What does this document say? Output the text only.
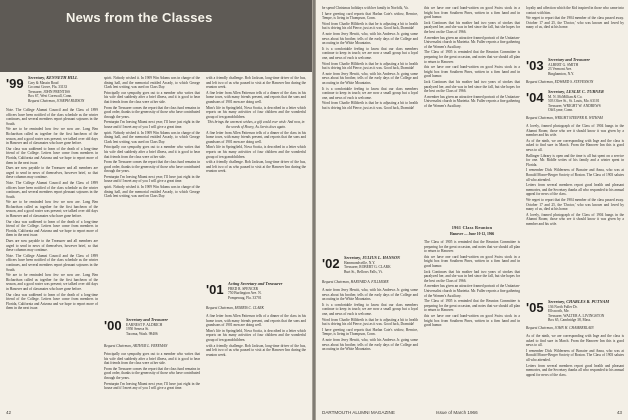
News from the Classes
'99 Secretary, KENNETH HILL
Cary & Massin Road
Coconut Grove, Fla. 33133
Treasurer, JOHN PRENTISS
Box 67, West Cornwall, Conn.
Bequest Chairman, JOSEPH BURSON

Note. The College Alumni Council and the Class of 1899 officers have been notified of the class schedule as the winter continues, and several members report pleasant sojourns in the South.

We are to be reminded how few we now are. Long Ben Richardson called us together for the first luncheon of the season, and a good roster was present; we talked over old days in Hanover and of classmates who have gone before.

Our class was saddened to learn of the death of a long-time friend of the College. Letters have come from members in Florida, California and Arizona and we hope to report more of them in the next issue.

Dues are now payable to the Treasurer and all members are urged to send in news of themselves, however brief, so that these columns may continue.

Note. The College Alumni Council and the Class of 1899 officers have been notified of the class schedule as the winter continues, and several members report pleasant sojourns in the South.

We are to be reminded how few we now are. Long Ben Richardson called us together for the first luncheon of the season, and a good roster was present; we talked over old days in Hanover and of classmates who have gone before.

Our class was saddened to learn of the death of a long-time friend of the College. Letters have come from members in Florida, California and Arizona and we hope to report more of them in the next issue.

Dues are now payable to the Treasurer and all members are urged to send in news of themselves, however brief, so that these columns may continue.

Note. The College Alumni Council and the Class of 1899 officers have been notified of the class schedule as the winter continues, and several members report pleasant sojourns in the South.

We are to be reminded how few we now are. Long Ben Richardson called us together for the first luncheon of the season, and a good roster was present; we talked over old days in Hanover and of classmates who have gone before.

Our class was saddened to learn of the death of a long-time friend of the College. Letters have come from members in Florida, California and Arizona and we hope to report more of them in the next issue.

spirit. Nobody wished it. In 1909 Win Adams was in charge of the dining hall, and the memorial entitled Arcady, to which George Clark lent writing, was used on Class Day.

Principally our sympathy goes out to a member who writes that his wife died suddenly after a brief illness, and it is good to hear that friends from the class were at her side.

From the Treasurer comes the report that the class fund remains in good order, thanks to the generosity of those who have contributed through the years.

Prenturpin I'm leaving Miami next year; I'll have just eight in the house and if I meet any of you I will give a great time.

spirit. Nobody wished it. In 1909 Win Adams was in charge of the dining hall, and the memorial entitled Arcady, to which George Clark lent writing, was used on Class Day.

Principally our sympathy goes out to a member who writes that his wife died suddenly after a brief illness, and it is good to hear that friends from the class were at her side.

From the Treasurer comes the report that the class fund remains in good order, thanks to the generosity of those who have contributed through the years.

Prenturpin I'm leaving Miami next year; I'll have just eight in the house and if I meet any of you I will give a great time.

spirit. Nobody wished it. In 1909 Win Adams was in charge of the dining hall, and the memorial entitled Arcady, to which George Clark lent writing, was used on Class Day.

'00 Secretary and Treasurer
EARNEST P. ALDRICH
1950 Seneca St.
Tacoma, Wash. 98406
Bequest Chairman, ARTHUR L. FREEMAN

Principally our sympathy goes out to a member who writes that his wife died suddenly after a brief illness, and it is good to hear that friends from the class were at her side.

From the Treasurer comes the report that the class fund remains in good order, thanks to the generosity of those who have contributed through the years.

Prenturpin I'm leaving Miami next year; I'll have just eight in the house and if I meet any of you I will give a great time.

with a friendly challenge. Bob Jackson, long-time driver of the bus, and left two of us who paused to visit at the Hanover Inn during the reunion week.

A fine letter from Allen Patterson tells of a dinner of the class in his home town, with many friends present, and reports that the sons and grandsons of 1901 men are doing well.

Mim's life in Springfield, Nova Scotia, is described in a letter which reports on his many activities of four children and the wonderful group of ten grandchildren.

This brings the warmest wishes, a gift could ever wish: And now, in the words of Hovey, As Jarvis does again.

A fine letter from Allen Patterson tells of a dinner of the class in his home town, with many friends present, and reports that the sons and grandsons of 1901 men are doing well.

Mim's life in Springfield, Nova Scotia, is described in a letter which reports on his many activities of four children and the wonderful group of ten grandchildren.

with a friendly challenge. Bob Jackson, long-time driver of the bus, and left two of us who paused to visit at the Hanover Inn during the reunion week.

'01 Acting Secretary and Treasurer
FRED R. SPENCER
750 Burlington Ave. N.
Pomperaug, Fla. 33701
Bequest Chairman, MORRIS C. CLARK

A fine letter from Allen Patterson tells of a dinner of the class in his home town, with many friends present, and reports that the sons and grandsons of 1901 men are doing well.

Mim's life in Springfield, Nova Scotia, is described in a letter which reports on his many activities of four children and the wonderful group of ten grandchildren.

with a friendly challenge. Bob Jackson, long-time driver of the bus, and left two of us who paused to visit at the Hanover Inn during the reunion week.

42

be spend Christmas holidays with her family in Norfolk, Va.

I have greeting card reports that Harlan Cate's widow, Bernice, Tempe, is living in Thompson, Conn.

Word from Charlie Hilldreth is that he is adjusting a bit to health but is driving his old Pierce, just as it was. Good luck, Dramida!

A note from Jerry Hewitt, who, with his Andrews Jr. going some news about his brother, tells of the early days of the College and an outing in the White Mountains.

It is a comfortable feeling to know that our class members continue to keep in touch; we are now a small group but a loyal one, and news of each is welcome.

Word from Charlie Hilldreth is that he is adjusting a bit to health but is driving his old Pierce, just as it was. Good luck, Dramida!

A note from Jerry Hewitt, who, with his Andrews Jr. going some news about his brother, tells of the early days of the College and an outing in the White Mountains.

It is a comfortable feeling to know that our class members continue to keep in touch; we are now a small group but a loyal one, and news of each is welcome.

Word from Charlie Hilldreth is that he is adjusting a bit to health but is driving his old Pierce, just as it was. Good luck, Dramida!

'02 Secretary, JULIUS L. HANSON
Hammondsville, N.Y.
Treasurer, ROBERT G. CLARK
Burt St., Bellows Falls, Vt.
Bequest Chairman, HARVARD A. FILLMORE

A note from Jerry Hewitt, who, with his Andrews Jr. going some news about his brother, tells of the early days of the College and an outing in the White Mountains.

It is a comfortable feeling to know that our class members continue to keep in touch; we are now a small group but a loyal one, and news of each is welcome.

Word from Charlie Hilldreth is that he is adjusting a bit to health but is driving his old Pierce, just as it was. Good luck, Dramida!

I have greeting card reports that Harlan Cate's widow, Bernice, Tempe, is living in Thompson, Conn.

A note from Jerry Hewitt, who, with his Andrews Jr. going some news about his brother, tells of the early days of the College and an outing in the White Mountains.

this we have one card hand-written on good Swiss stock in a bright box from Southern Pines, written in a firm hand and in good humor.

Jack Continues that his mother had two years of strokes that paralyzed her, and she was in bed since the fall, but she hopes for the best on the Class of 1966.

A member has given an attractive framed portrait of the Unitarian-Universalist church in Marietta. Mr. Fuller reports a fine gathering of the Women's Auxiliary.

The Class of 1905 is reminded that the Reunion Committee is preparing for the great occasion, and notes that we should all plan to return to Hanover.

this we have one card hand-written on good Swiss stock in a bright box from Southern Pines, written in a firm hand and in good humor.

Jack Continues that his mother had two years of strokes that paralyzed her, and she was in bed since the fall, but she hopes for the best on the Class of 1966.

A member has given an attractive framed portrait of the Unitarian-Universalist church in Marietta. Mr. Fuller reports a fine gathering of the Women's Auxiliary.

1961 Class Reunion
Hanover — June 10-12, 1966

The Class of 1905 is reminded that the Reunion Committee is preparing for the great occasion, and notes that we should all plan to return to Hanover.

this we have one card hand-written on good Swiss stock in a bright box from Southern Pines, written in a firm hand and in good humor.

Jack Continues that his mother had two years of strokes that paralyzed her, and she was in bed since the fall, but she hopes for the best on the Class of 1966.

A member has given an attractive framed portrait of the Unitarian-Universalist church in Marietta. Mr. Fuller reports a fine gathering of the Women's Auxiliary.

The Class of 1905 is reminded that the Reunion Committee is preparing for the great occasion, and notes that we should all plan to return to Hanover.

this we have one card hand-written on good Swiss stock in a bright box from Southern Pines, written in a firm hand and in good humor.

loyalty and affection which the Kid inspired in those who came into contact with him.

We regret to report that the 1904 member of the class passed away. October 17 and 25, the 'Doctor,' who was known and loved by many of us, died at his home.

'03 Secretary and Treasurer
ALBERT G. SMITH
23 Vermont Ave.
Binghamton, N.Y.
Bequest Chairman, EDWARD S. STEVENSON
'04 Secretary, LESLIE C. TURNER
M. N. McMillian & Co.
503 Olive St., St. Louis, Mo. 63101
Treasurer, WRIGHT W. ANDREWS
Old Lyme, Conn.
Bequest Chairman, WRIGHT STEEPER R. WITHAM

A lovely, framed photograph of the Class of 1904 hangs in the Alumni Room; those who see it should know it was given by a member and his wife.

As of the ninth, we are corresponding with Inge and the class is asked to find sure in March. From the Hanover Inn this is good news to all.

Ballinger Library is open and the time is all but spent on a service for one. Mr. Riddle writes of his family and a winter spent in Florida.

I remember Dick Wilderness of Bonaire and Anna, who was at Ronald Moore-Berger Society of Boston. The Class of 1903 salutes all who attended.

Letters from several members report good health and pleasant memories, and the Secretary thanks all who responded to his annual appeal for news of the class.

We regret to report that the 1904 member of the class passed away. October 17 and 25, the 'Doctor,' who was known and loved by many of us, died at his home.

A lovely, framed photograph of the Class of 1904 hangs in the Alumni Room; those who see it should know it was given by a member and his wife.

'05 Secretary, CHARLES R. PUTNAM
136 North Fuller Dr.
Ellsworth, Me.
Treasurer, WALTER A. LIVINGSTON
Box 65, Cambridge 38, Mass.
Bequest Chairman, JOHN H. CHAMBERLAIN

As of the ninth, we are corresponding with Inge and the class is asked to find sure in March. From the Hanover Inn this is good news to all.

I remember Dick Wilderness of Bonaire and Anna, who was at Ronald Moore-Berger Society of Boston. The Class of 1903 salutes all who attended.

Letters from several members report good health and pleasant memories, and the Secretary thanks all who responded to his annual appeal for news of the class.

DARTMOUTH ALUMNI MAGAZINE	Issue of March 1966	43
